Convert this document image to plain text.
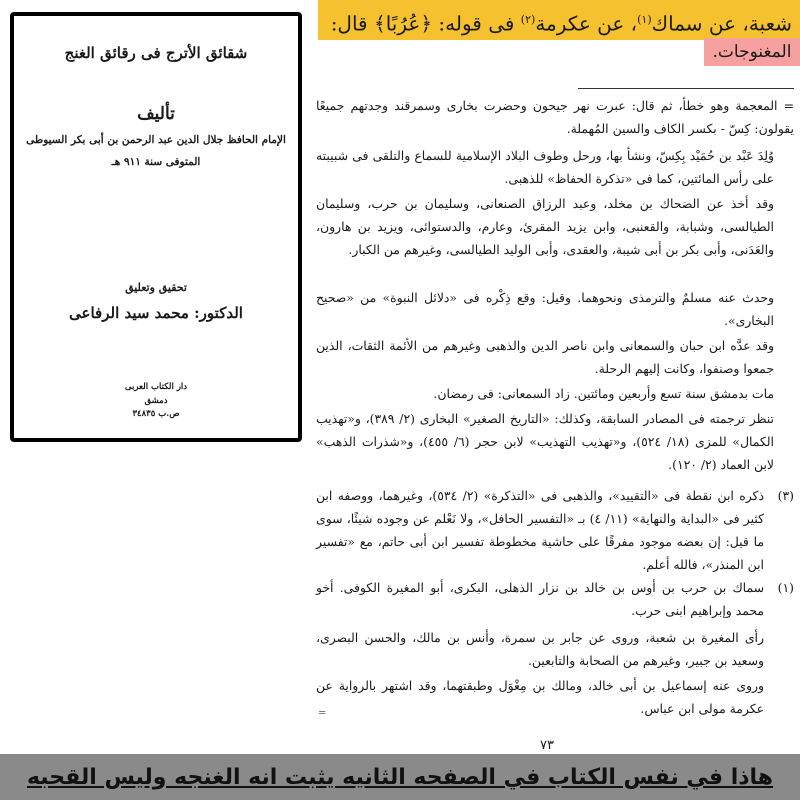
شعبة، عن سماك$^{(١)}$، عن عكرمة$^{(٢)}$ فى قوله: ﴿عُرُبًا﴾ قال:
المغنوجات.
شقائق الأترج فى رقائق الغنج
تأليف
الإمام الحافظ جلال الدين عبد الرحمن بن أبى بكر السيوطى
المتوفى سنة ٩١١ هـ
تحقيق وتعليق
الدكتور: محمد سيد الرفاعى
دار الكتاب العربى
دمشق
ص.ب ٣٤٨٣٥
= المعجمة وهو خطأ، ثم قال: عبرت نهر جيحون وحضرت بخارى وسمرقند وجدتهم جميعًا يقولون: كِسّ - بكسر الكاف والسين المُهملة.
وُلِدَ عَبْد بن حُمَيْد بِكِسّ، ونشأ بها، ورحل وطوف البلاد الإسلامية للسماع والتلقى فى شبيبته على رأس المائتين، كما فى «تذكرة الحفاظ» للذهبى.
وقد أخذ عن الضحاك بن مخلد، وعبد الرزاق الصنعانى، وسليمان بن حرب، وسليمان الطيالسى، وشبابة، والقعنبى، وابن يزيد المقرئ، وعارم، والدستوائى، ويزيد بن هارون، والعَدَنى، وأبى بكر بن أبى شيبة، والعقدى، وأبى الوليد الطيالسى، وغيرهم من الكبار.
وحدث عنه مسلمٌ والترمذى ونحوهما. وقيل: وقع ذِكْره فى «دلائل النبوة» من «صحيح البخارى».
وقد عدَّه ابن حبان والسمعانى وابن ناصر الدين والذهبى وغيرهم من الأئمة الثقات، الذين جمعوا وصنفوا، وكانت إليهم الرحلة.
مات بدمشق سنة تسع وأربعين ومائتين. زاد السمعانى: فى رمضان.
تنظر ترجمته فى المصادر السابقة، وكذلك: «التاريخ الصغير» البخارى (٢/ ٣٨٩)، و«تهذيب الكمال» للمزى (١٨/ ٥٢٤)، و«تهذيب التهذيب» لابن حجر (٦/ ٤٥٥)، و«شذرات الذهب» لابن العماد (٢/ ١٢٠).
(٣)
ذكره ابن نقطة فى «التقييد»، والذهبى فى «التذكرة» (٢/ ٥٣٤)، وغيرهما، ووصفه ابن كثير فى «البداية والنهاية» (١١/ ٤) بـ «التفسير الحافل»، ولا نَعْلم عن وجوده شيئًا، سوى ما قيل: إن بعضه موجود مفرقًا على حاشية مخطوطة تفسير ابن أبى حاتم، مع «تفسير ابن المنذر»، فالله أعلم.
(١)
سماك بن حرب بن أوس بن خالد بن نزار الذهلى، البكرى، أبو المغيرة الكوفى. أخو محمد وإبراهيم ابنى حرب.
رأى المغيرة بن شعبة، وروى عن جابر بن سمرة، وأنس بن مالك، والحسن البصرى، وسعيد بن جبير، وغيرهم من الصحابة والتابعين.
وروى عنه إسماعيل بن أبى خالد، ومالك بن مِغْوَل وطبقتهما، وقد اشتهر بالرواية عن عكرمة مولى ابن عباس.
=
٧٣
هاذا في نفس الكتاب في الصفحه الثانيه يثبت انه الغنجه وليس القحبه
